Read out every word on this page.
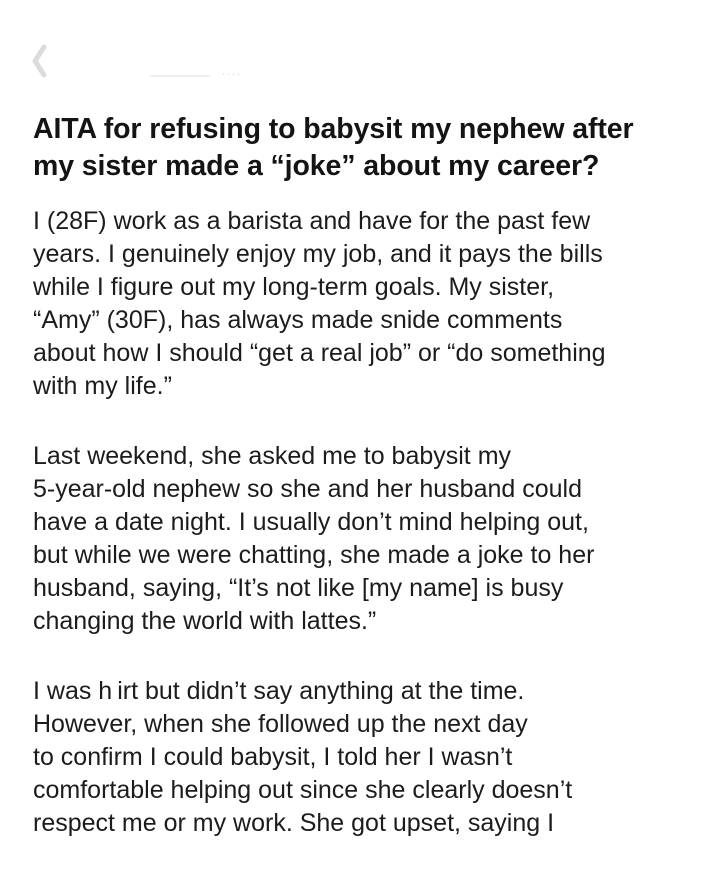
....
AITA for refusing to babysit my nephew after
my sister made a “joke” about my career?

I (28F) work as a barista and have for the past few
years. I genuinely enjoy my job, and it pays the bills
while I figure out my long-term goals. My sister,
“Amy” (30F), has always made snide comments
about how I should “get a real job” or “do something
with my life.”

Last weekend, she asked me to babysit my
5-year-old nephew so she and her husband could
have a date night. I usually don’t mind helping out,
but while we were chatting, she made a joke to her
husband, saying, “It’s not like [my name] is busy
changing the world with lattes.”

I was h irt but didn’t say anything at the time.
However, when she followed up the next day
to confirm I could babysit, I told her I wasn’t
comfortable helping out since she clearly doesn’t
respect me or my work. She got upset, saying I
